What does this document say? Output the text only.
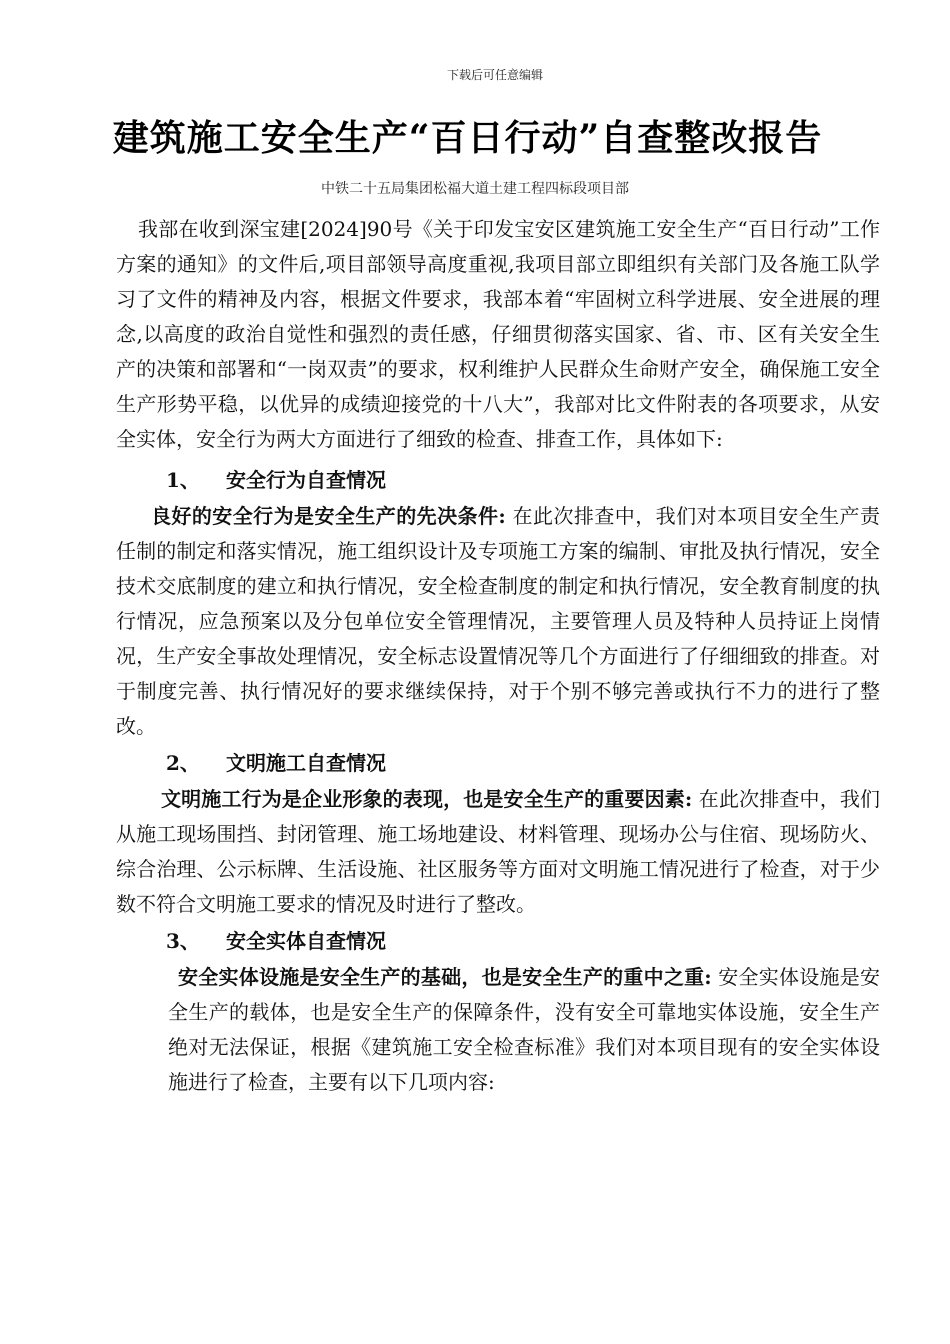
下载后可任意编辑
建筑施工安全生产“百日行动”自查整改报告
中铁二十五局集团松福大道土建工程四标段项目部

我部在收到深宝建[2024]90号《关于印发宝安区建筑施工安全生产“百日行动”工作方案的通知》的文件后,项目部领导高度重视,我项目部立即组织有关部门及各施工队学习了文件的精神及内容，根据文件要求，我部本着“牢固树立科学进展、安全进展的理念,以高度的政治自觉性和强烈的责任感，仔细贯彻落实国家、省、市、区有关安全生产的决策和部署和“一岗双责”的要求，权利维护人民群众生命财产安全，确保施工安全生产形势平稳，以优异的成绩迎接党的十八大”，我部对比文件附表的各项要求，从安全实体，安全行为两大方面进行了细致的检查、排查工作，具体如下:

1、 安全行为自查情况

良好的安全行为是安全生产的先决条件: 在此次排查中，我们对本项目安全生产责任制的制定和落实情况，施工组织设计及专项施工方案的编制、审批及执行情况，安全技术交底制度的建立和执行情况，安全检查制度的制定和执行情况，安全教育制度的执行情况，应急预案以及分包单位安全管理情况，主要管理人员及特种人员持证上岗情况，生产安全事故处理情况，安全标志设置情况等几个方面进行了仔细细致的排查。对于制度完善、执行情况好的要求继续保持，对于个别不够完善或执行不力的进行了整改。

2、 文明施工自查情况

文明施工行为是企业形象的表现，也是安全生产的重要因素: 在此次排查中，我们从施工现场围挡、封闭管理、施工场地建设、材料管理、现场办公与住宿、现场防火、综合治理、公示标牌、生活设施、社区服务等方面对文明施工情况进行了检查，对于少数不符合文明施工要求的情况及时进行了整改。

3、 安全实体自查情况

安全实体设施是安全生产的基础，也是安全生产的重中之重: 安全实体设施是安全生产的载体，也是安全生产的保障条件，没有安全可靠地实体设施，安全生产绝对无法保证，根据《建筑施工安全检查标准》我们对本项目现有的安全实体设施进行了检查，主要有以下几项内容:
